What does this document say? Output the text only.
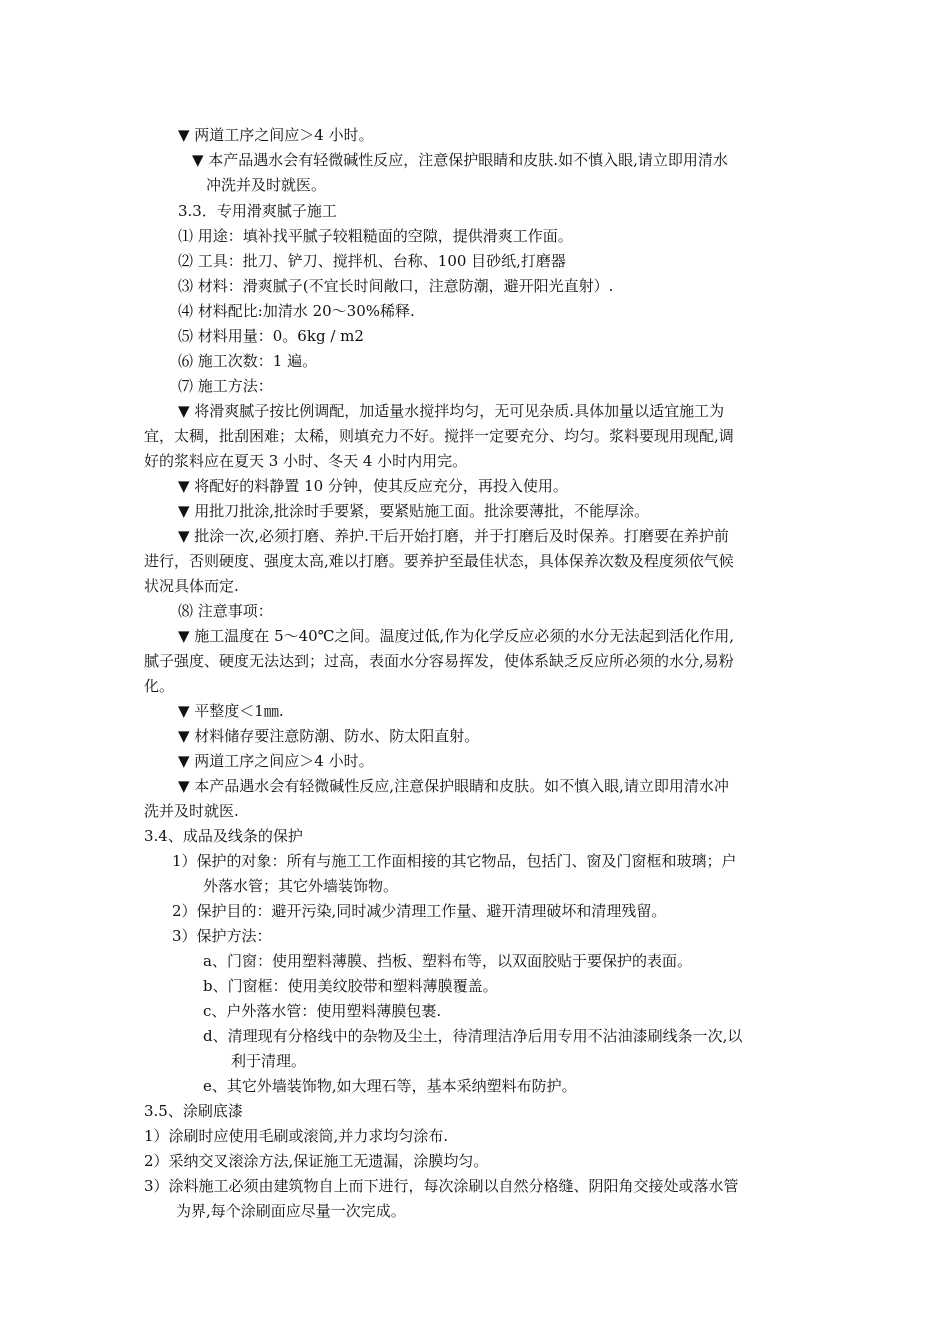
▼ 两道工序之间应＞4 小时。
▼ 本产品遇水会有轻微碱性反应，注意保护眼睛和皮肤.如不慎入眼,请立即用清水
冲洗并及时就医。
3.3．专用滑爽腻子施工
⑴ 用途：填补找平腻子较粗糙面的空隙，提供滑爽工作面。
⑵ 工具：批刀、铲刀、搅拌机、台称、100 目砂纸,打磨器
⑶ 材料：滑爽腻子(不宜长时间敞口，注意防潮，避开阳光直射）.
⑷ 材料配比:加清水 20～30%稀释.
⑸ 材料用量：0。6kg / m2
⑹ 施工次数：1 遍。
⑺ 施工方法：
▼ 将滑爽腻子按比例调配，加适量水搅拌均匀，无可见杂质.具体加量以适宜施工为
宜，太稠，批刮困难；太稀，则填充力不好。搅拌一定要充分、均匀。浆料要现用现配,调
好的浆料应在夏天 3 小时、冬天 4 小时内用完。
▼ 将配好的料静置 10 分钟，使其反应充分，再投入使用。
▼ 用批刀批涂,批涂时手要紧，要紧贴施工面。批涂要薄批，不能厚涂。
▼ 批涂一次,必须打磨、养护.干后开始打磨，并于打磨后及时保养。打磨要在养护前
进行，否则硬度、强度太高,难以打磨。要养护至最佳状态，具体保养次数及程度须依气候
状况具体而定.
⑻ 注意事项：
▼ 施工温度在 5～40℃之间。温度过低,作为化学反应必须的水分无法起到活化作用,
腻子强度、硬度无法达到；过高，表面水分容易挥发，使体系缺乏反应所必须的水分,易粉
化。
▼ 平整度＜1㎜.
▼ 材料储存要注意防潮、防水、防太阳直射。
▼ 两道工序之间应＞4 小时。
▼ 本产品遇水会有轻微碱性反应,注意保护眼睛和皮肤。如不慎入眼,请立即用清水冲
洗并及时就医.
3.4、成品及线条的保护
1）保护的对象：所有与施工工作面相接的其它物品，包括门、窗及门窗框和玻璃；户
外落水管；其它外墙装饰物。
2）保护目的：避开污染,同时减少清理工作量、避开清理破坏和清理残留。
3）保护方法：
a、门窗：使用塑料薄膜、挡板、塑料布等，以双面胶贴于要保护的表面。
b、门窗框：使用美纹胶带和塑料薄膜覆盖。
c、户外落水管：使用塑料薄膜包裹.
d、清理现有分格线中的杂物及尘土，待清理洁净后用专用不沾油漆刷线条一次,以
利于清理。
e、其它外墙装饰物,如大理石等，基本采纳塑料布防护。
3.5、涂刷底漆
1）涂刷时应使用毛刷或滚筒,并力求均匀涂布.
2）采纳交叉滚涂方法,保证施工无遗漏，涂膜均匀。
3）涂料施工必须由建筑物自上而下进行，每次涂刷以自然分格缝、阴阳角交接处或落水管
为界,每个涂刷面应尽量一次完成。
